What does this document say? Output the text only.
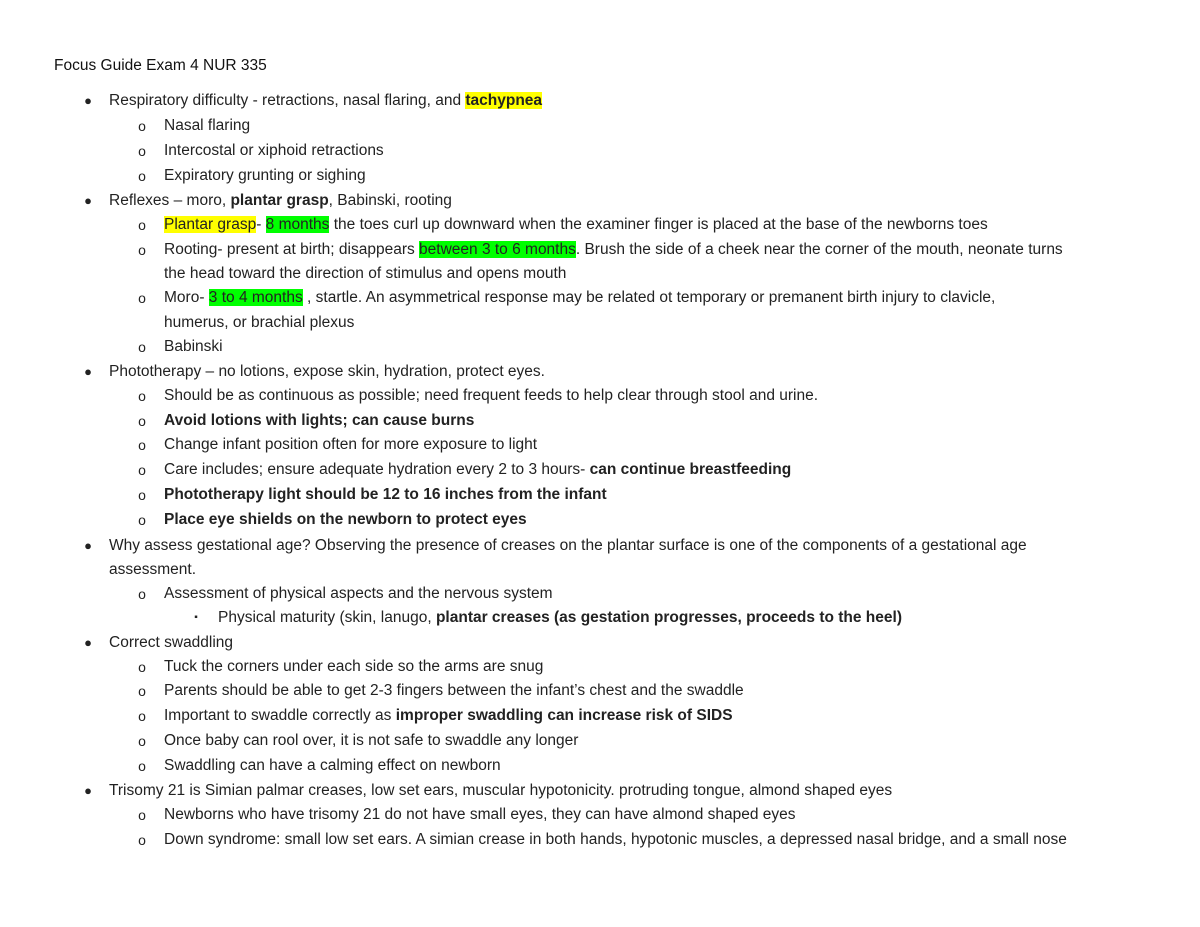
Focus Guide Exam 4 NUR 335
● Respiratory difficulty - retractions, nasal flaring, and tachypnea
o Nasal flaring
o Intercostal or xiphoid retractions
o Expiratory grunting or sighing
● Reflexes – moro, plantar grasp, Babinski, rooting
o Plantar grasp- 8 months the toes curl up downward when the examiner finger is placed at the base of the newborns toes
o Rooting- present at birth; disappears between 3 to 6 months. Brush the side of a cheek near the corner of the mouth, neonate turns
the head toward the direction of stimulus and opens mouth
o Moro- 3 to 4 months , startle. An asymmetrical response may be related ot temporary or premanent birth injury to clavicle,
humerus, or brachial plexus
o Babinski
● Phototherapy – no lotions, expose skin, hydration, protect eyes.
o Should be as continuous as possible; need frequent feeds to help clear through stool and urine.
o Avoid lotions with lights; can cause burns
o Change infant position often for more exposure to light
o Care includes; ensure adequate hydration every 2 to 3 hours- can continue breastfeeding
o Phototherapy light should be 12 to 16 inches from the infant
o Place eye shields on the newborn to protect eyes
● Why assess gestational age? Observing the presence of creases on the plantar surface is one of the components of a gestational age
assessment.
o Assessment of physical aspects and the nervous system
▪ Physical maturity (skin, lanugo, plantar creases (as gestation progresses, proceeds to the heel)
● Correct swaddling
o Tuck the corners under each side so the arms are snug
o Parents should be able to get 2-3 fingers between the infant’s chest and the swaddle
o Important to swaddle correctly as improper swaddling can increase risk of SIDS
o Once baby can rool over, it is not safe to swaddle any longer
o Swaddling can have a calming effect on newborn
● Trisomy 21 is Simian palmar creases, low set ears, muscular hypotonicity. protruding tongue, almond shaped eyes
o Newborns who have trisomy 21 do not have small eyes, they can have almond shaped eyes
o Down syndrome: small low set ears. A simian crease in both hands, hypotonic muscles, a depressed nasal bridge, and a small nose
